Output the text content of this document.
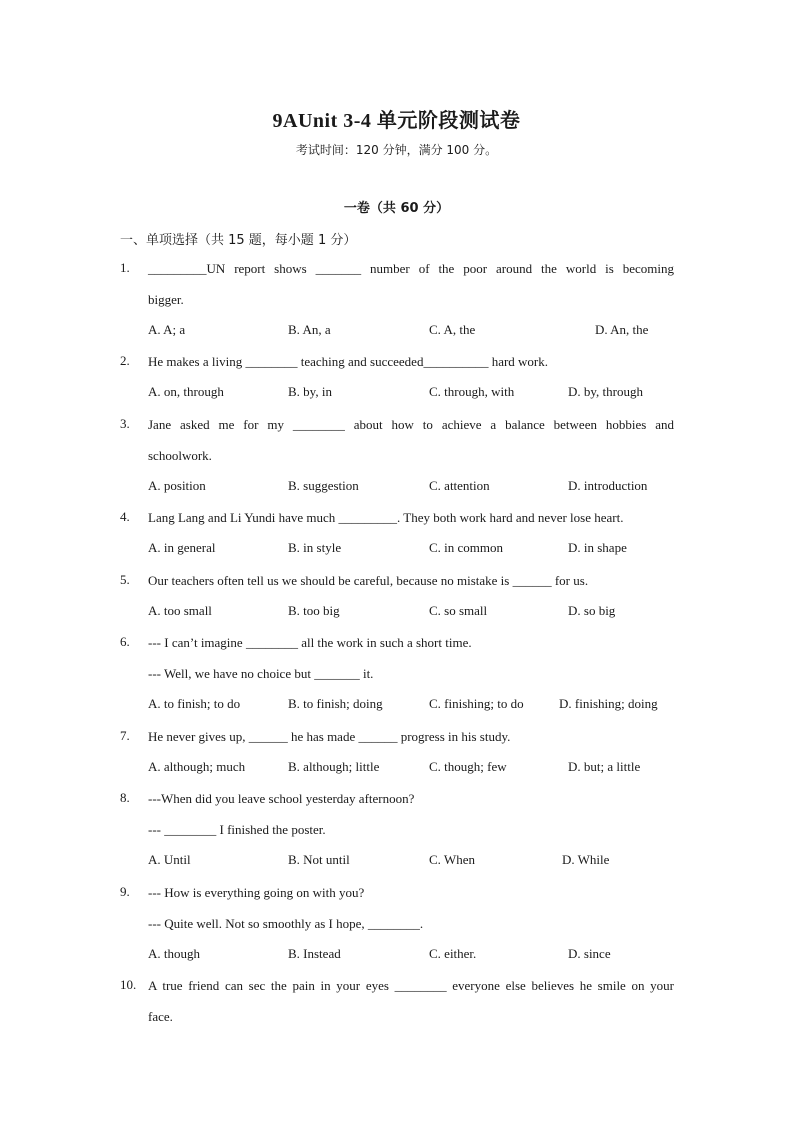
9AUnit 3-4 单元阶段测试卷
考试时间：120 分钟，满分 100 分。
一卷（共 60 分）
一、单项选择（共 15 题，每小题 1 分）
1. _________UN report shows _______ number of the poor around the world is becoming
bigger.
A. A; a	B. An, a	C. A, the	D. An, the
2. He makes a living ________ teaching and succeeded__________ hard work.
A. on, through	B. by, in	C. through, with	D. by, through
3. Jane asked me for my ________ about how to achieve a balance between hobbies and
schoolwork.
A. position	B. suggestion	C. attention	D. introduction
4. Lang Lang and Li Yundi have much _________. They both work hard and never lose heart.
A. in general	B. in style	C. in common	D. in shape
5. Our teachers often tell us we should be careful, because no mistake is ______ for us.
A. too small	B. too big	C. so small	D. so big
6. --- I can’t imagine ________ all the work in such a short time.
--- Well, we have no choice but _______ it.
A. to finish; to do	B. to finish; doing	C. finishing; to do	D. finishing; doing
7. He never gives up, ______ he has made ______ progress in his study.
A. although; much	B. although; little	C. though; few	D. but; a little
8. ---When did you leave school yesterday afternoon?
--- ________ I finished the poster.
A. Until	B. Not until	C. When	D. While
9. --- How is everything going on with you?
--- Quite well. Not so smoothly as I hope, ________.
A. though	B. Instead	C. either.	D. since
10. A true friend can sec the pain in your eyes ________ everyone else believes he smile on your
face.
